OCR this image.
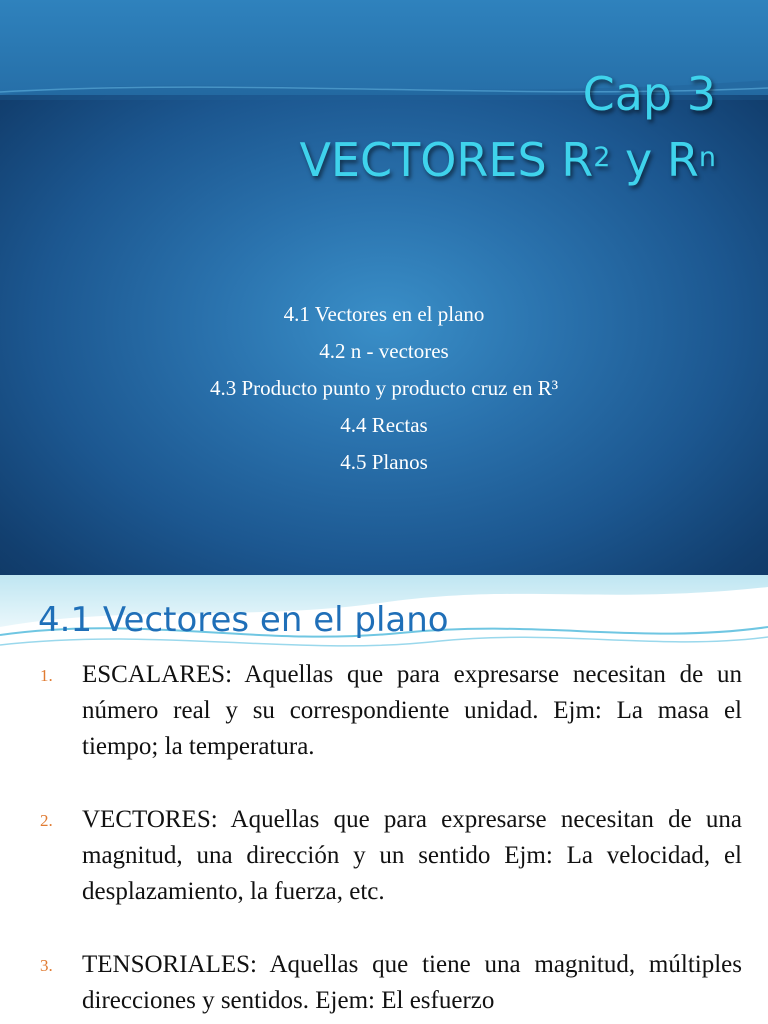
Cap 3
VECTORES $R^2$ y $R^n$
4.1 Vectores en el plano
4.2 n - vectores
4.3 Producto punto y producto cruz en R³
4.4 Rectas
4.5 Planos
4.1 Vectores en el plano
1. ESCALARES: Aquellas que para expresarse necesitan de un número real y su correspondiente unidad. Ejm: La masa el tiempo; la temperatura.
2. VECTORES: Aquellas que para expresarse necesitan de una magnitud, una dirección y un sentido Ejm: La velocidad, el desplazamiento, la fuerza, etc.
3. TENSORIALES: Aquellas que tiene una magnitud, múltiples direcciones y sentidos. Ejem: El esfuerzo
